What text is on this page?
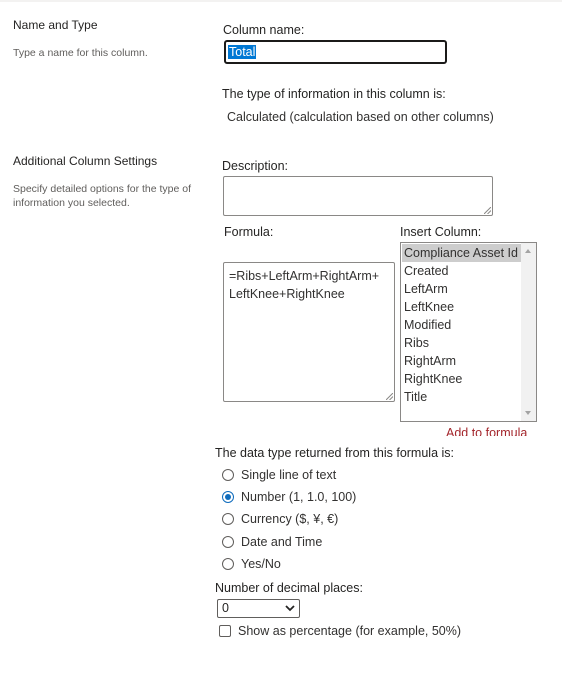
Name and Type
Type a name for this column.
Additional Column Settings
Specify detailed options for the type of
information you selected.
Column name:
Total
The type of information in this column is:
Calculated (calculation based on other columns)
Description:
Formula:
=Ribs+LeftArm+RightArm+
LeftKnee+RightKnee
Insert Column:
Compliance Asset Id
Created
LeftArm
LeftKnee
Modified
Ribs
RightArm
RightKnee
Title
Add to formula
The data type returned from this formula is:
Single line of text
Number (1, 1.0, 100)
Currency ($, ¥, €)
Date and Time
Yes/No
Number of decimal places:
0
Show as percentage (for example, 50%)
